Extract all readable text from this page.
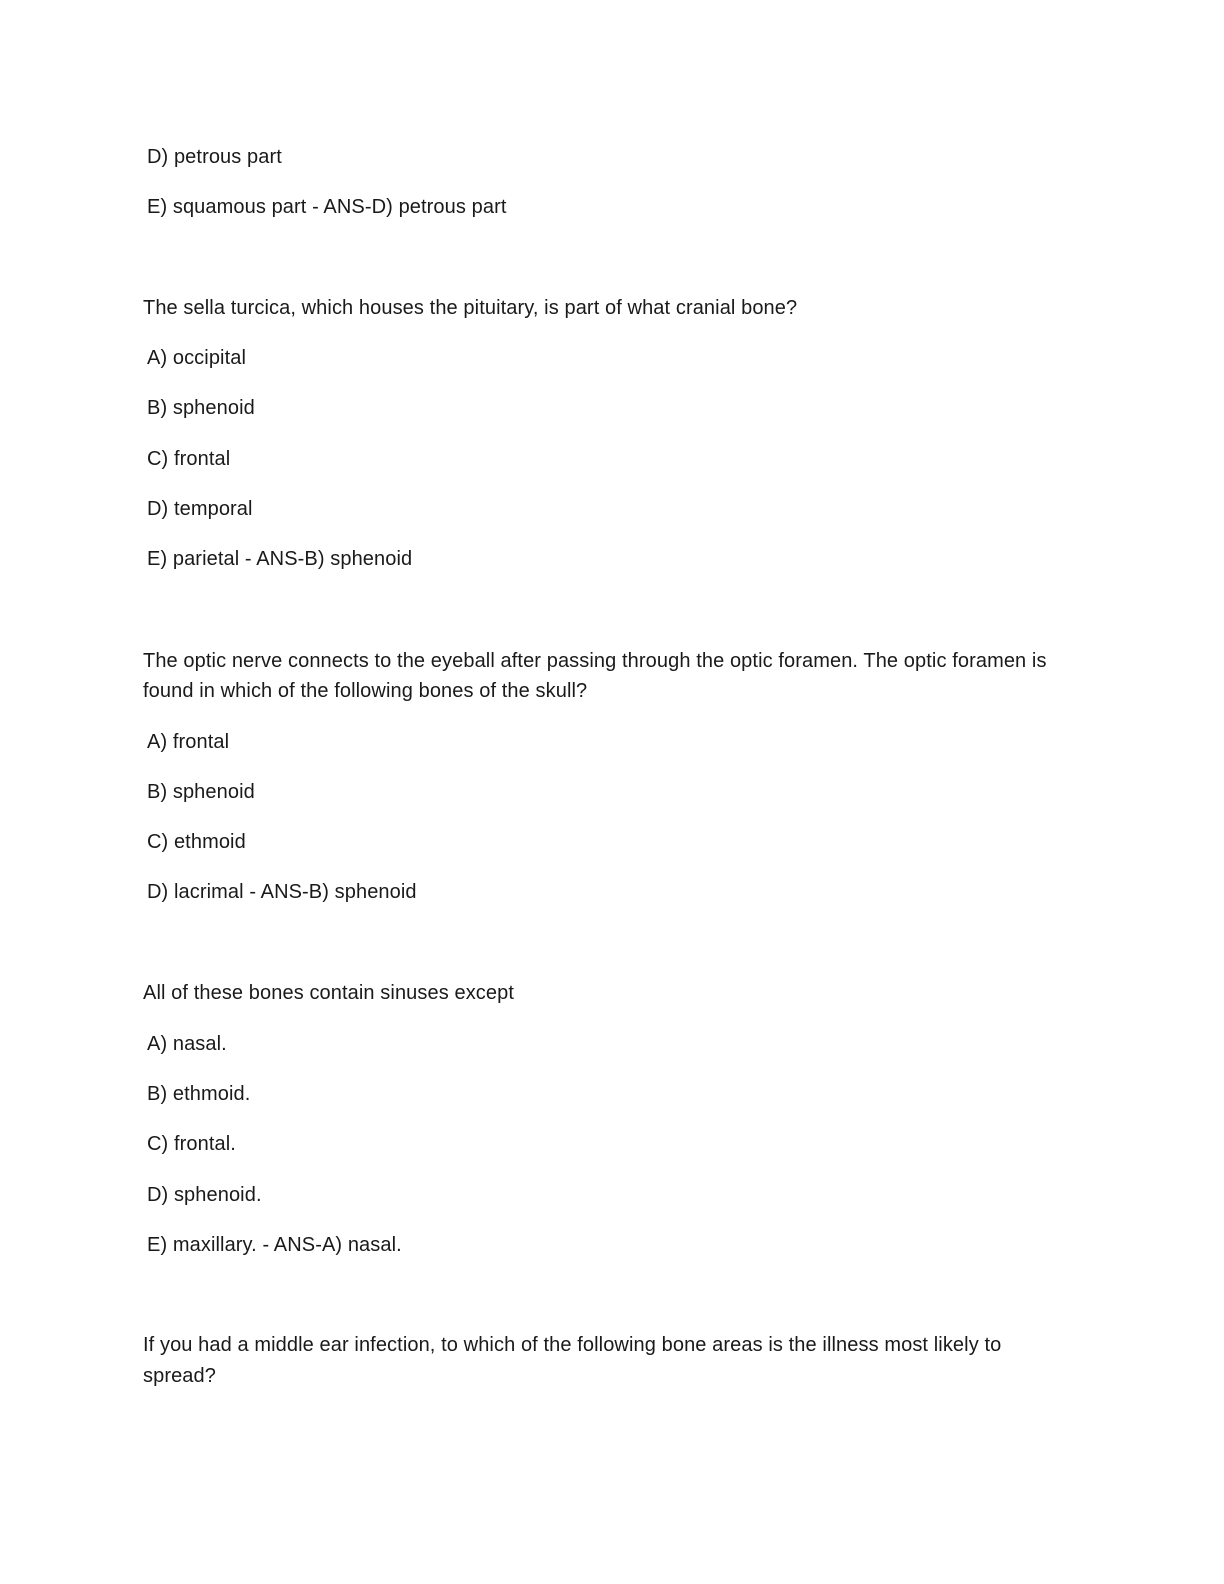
D) petrous part
E) squamous part - ANS-D) petrous part
The sella turcica, which houses the pituitary, is part of what cranial bone?
A) occipital
B) sphenoid
C) frontal
D) temporal
E) parietal - ANS-B) sphenoid
The optic nerve connects to the eyeball after passing through the optic foramen. The optic foramen is
found in which of the following bones of the skull?
A) frontal
B) sphenoid
C) ethmoid
D) lacrimal - ANS-B) sphenoid
All of these bones contain sinuses except
A) nasal.
B) ethmoid.
C) frontal.
D) sphenoid.
E) maxillary. - ANS-A) nasal.
If you had a middle ear infection, to which of the following bone areas is the illness most likely to
spread?
